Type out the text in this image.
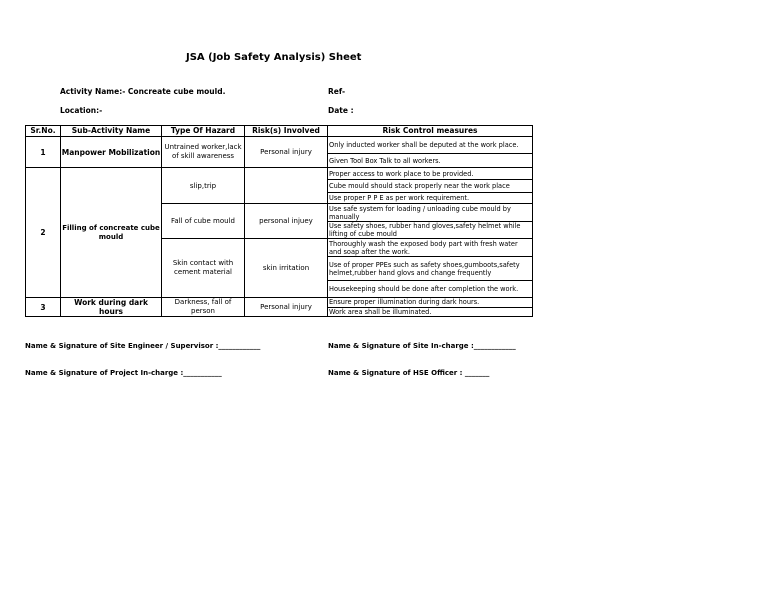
JSA (Job Safety Analysis) Sheet
Activity Name:- Concreate cube mould.	Ref-
Location:-	Date :
Sr.No.	Sub-Activity Name	Type Of Hazard	Risk(s) Involved	Risk Control measures
1	Manpower Mobilization	Untrained worker,lack of skill awareness	Personal injury	Only inducted worker shall be deputed at the work place.
				Given Tool Box Talk to all workers.
2	Filling of concreate cube mould	slip,trip		Proper access to work place to be provided.
				Cube mould should stack properly near the work place
				Use proper P P E as per work requirement.
		Fall of cube mould	personal injuey	Use safe system for loading / unloading cube mould by manually
				Use safety shoes, rubber hand gloves,safety helmet while lifting of cube mould
		Skin contact with cement material	skin irritation	Thoroughly wash the exposed body part with fresh water and soap after the work.
				Use of proper PPEs such as safety shoes,gumboots,safety helmet,rubber hand glovs and change frequently
				Housekeeping should be done after completion the work.
3	Work during dark hours	Darkness, fall of person	Personal injury	Ensure proper illumination during dark hours.
				Work area shall be illuminated.
Name & Signature of Site Engineer / Supervisor :____________	Name & Signature of Site In-charge :____________
Name & Signature of Project In-charge :___________	Name & Signature of HSE Officer : _______
